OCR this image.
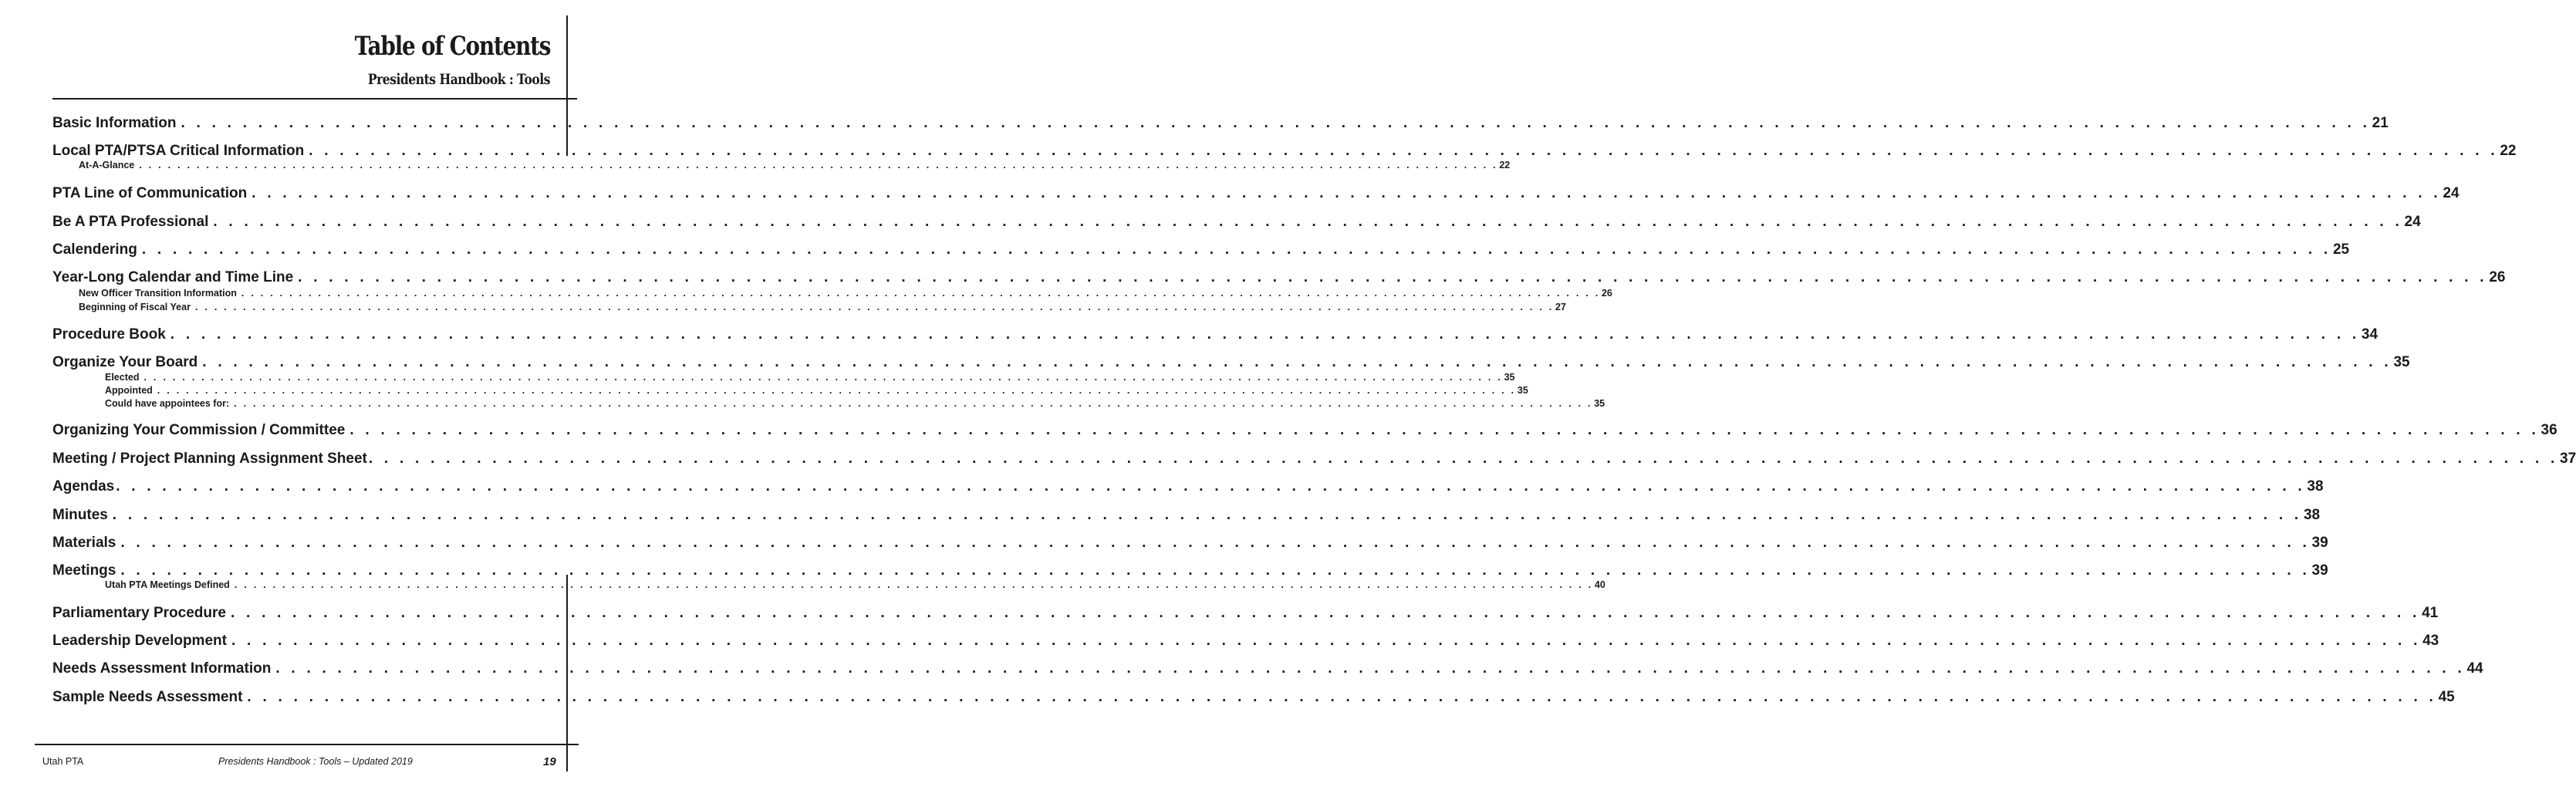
Table of Contents
Presidents Handbook : Tools
Basic Information . . . . . . . . . . . . . . . . . . . . . . . . . . . . . . . . . . . . . . . . . . . . . . . . . . . . . . . . . . . . . . . . . . . . . . . . . . . . . . . . . . . . . . . . . . . . . . . . . . . . . . . . . . . . . . . . . . . . . . . . . . . . . . . . . . . . . . . . . . . . . . 21
Local PTA/PTSA Critical Information . . . . . . . . . . . . . . . . . . . . . . . . . . . . . . . . . . . . . . . . . . . . . . . . . . . . . . . . . . . . . . . . . . . . . . . . . . . . . . . . . . . . . . . . . . . . . . . . . . . . . . . . . . . . . . . . . . . . . . . . . . . . . . . . . . . . . . . . . . . . . . 22
At-A-Glance . . . . . . . . . . . . . . . . . . . . . . . . . . . . . . . . . . . . . . . . . . . . . . . . . . . . . . . . . . . . . . . . . . . . . . . . . . . . . . . . . . . . . . . . . . . . . . . . . . . . . . . . . . . . . . . . . . . . . . . . . . . . . . . . . . . . . . . . . . . . . . 22
PTA Line of Communication . . . . . . . . . . . . . . . . . . . . . . . . . . . . . . . . . . . . . . . . . . . . . . . . . . . . . . . . . . . . . . . . . . . . . . . . . . . . . . . . . . . . . . . . . . . . . . . . . . . . . . . . . . . . . . . . . . . . . . . . . . . . . . . . . . . . . . . . . . . . . . 24
Be A PTA Professional . . . . . . . . . . . . . . . . . . . . . . . . . . . . . . . . . . . . . . . . . . . . . . . . . . . . . . . . . . . . . . . . . . . . . . . . . . . . . . . . . . . . . . . . . . . . . . . . . . . . . . . . . . . . . . . . . . . . . . . . . . . . . . . . . . . . . . . . . . . . . . 24
Calendering . . . . . . . . . . . . . . . . . . . . . . . . . . . . . . . . . . . . . . . . . . . . . . . . . . . . . . . . . . . . . . . . . . . . . . . . . . . . . . . . . . . . . . . . . . . . . . . . . . . . . . . . . . . . . . . . . . . . . . . . . . . . . . . . . . . . . . . . . . . . . . 25
Year-Long Calendar and Time Line . . . . . . . . . . . . . . . . . . . . . . . . . . . . . . . . . . . . . . . . . . . . . . . . . . . . . . . . . . . . . . . . . . . . . . . . . . . . . . . . . . . . . . . . . . . . . . . . . . . . . . . . . . . . . . . . . . . . . . . . . . . . . . . . . . . . . . . . . . . . . . 26
New Officer Transition Information . . . . . . . . . . . . . . . . . . . . . . . . . . . . . . . . . . . . . . . . . . . . . . . . . . . . . . . . . . . . . . . . . . . . . . . . . . . . . . . . . . . . . . . . . . . . . . . . . . . . . . . . . . . . . . . . . . . . . . . . . . . . . . . . . . . . . . . . . . . . . . 26
Beginning of Fiscal Year . . . . . . . . . . . . . . . . . . . . . . . . . . . . . . . . . . . . . . . . . . . . . . . . . . . . . . . . . . . . . . . . . . . . . . . . . . . . . . . . . . . . . . . . . . . . . . . . . . . . . . . . . . . . . . . . . . . . . . . . . . . . . . . . . . . . . . . . . . . . . . 27
Procedure Book . . . . . . . . . . . . . . . . . . . . . . . . . . . . . . . . . . . . . . . . . . . . . . . . . . . . . . . . . . . . . . . . . . . . . . . . . . . . . . . . . . . . . . . . . . . . . . . . . . . . . . . . . . . . . . . . . . . . . . . . . . . . . . . . . . . . . . . . . . . . . . 34
Organize Your Board . . . . . . . . . . . . . . . . . . . . . . . . . . . . . . . . . . . . . . . . . . . . . . . . . . . . . . . . . . . . . . . . . . . . . . . . . . . . . . . . . . . . . . . . . . . . . . . . . . . . . . . . . . . . . . . . . . . . . . . . . . . . . . . . . . . . . . . . . . . . . . 35
Elected . . . . . . . . . . . . . . . . . . . . . . . . . . . . . . . . . . . . . . . . . . . . . . . . . . . . . . . . . . . . . . . . . . . . . . . . . . . . . . . . . . . . . . . . . . . . . . . . . . . . . . . . . . . . . . . . . . . . . . . . . . . . . . . . . . . . . . . . . . . . . . 35
Appointed . . . . . . . . . . . . . . . . . . . . . . . . . . . . . . . . . . . . . . . . . . . . . . . . . . . . . . . . . . . . . . . . . . . . . . . . . . . . . . . . . . . . . . . . . . . . . . . . . . . . . . . . . . . . . . . . . . . . . . . . . . . . . . . . . . . . . . . . . . . . . . 35
Could have appointees for: . . . . . . . . . . . . . . . . . . . . . . . . . . . . . . . . . . . . . . . . . . . . . . . . . . . . . . . . . . . . . . . . . . . . . . . . . . . . . . . . . . . . . . . . . . . . . . . . . . . . . . . . . . . . . . . . . . . . . . . . . . . . . . . . . . . . . . . . . . . . . . 35
Organizing Your Commission / Committee . . . . . . . . . . . . . . . . . . . . . . . . . . . . . . . . . . . . . . . . . . . . . . . . . . . . . . . . . . . . . . . . . . . . . . . . . . . . . . . . . . . . . . . . . . . . . . . . . . . . . . . . . . . . . . . . . . . . . . . . . . . . . . . . . . . . . . . . . . . . . . 36
Meeting / Project Planning Assignment Sheet . . . . . . . . . . . . . . . . . . . . . . . . . . . . . . . . . . . . . . . . . . . . . . . . . . . . . . . . . . . . . . . . . . . . . . . . . . . . . . . . . . . . . . . . . . . . . . . . . . . . . . . . . . . . . . . . . . . . . . . . . . . . . . . . . . . . . . . . . . . . . . 37
Agendas . . . . . . . . . . . . . . . . . . . . . . . . . . . . . . . . . . . . . . . . . . . . . . . . . . . . . . . . . . . . . . . . . . . . . . . . . . . . . . . . . . . . . . . . . . . . . . . . . . . . . . . . . . . . . . . . . . . . . . . . . . . . . . . . . . . . . . . . . . . . . . 38
Minutes . . . . . . . . . . . . . . . . . . . . . . . . . . . . . . . . . . . . . . . . . . . . . . . . . . . . . . . . . . . . . . . . . . . . . . . . . . . . . . . . . . . . . . . . . . . . . . . . . . . . . . . . . . . . . . . . . . . . . . . . . . . . . . . . . . . . . . . . . . . . . . 38
Materials . . . . . . . . . . . . . . . . . . . . . . . . . . . . . . . . . . . . . . . . . . . . . . . . . . . . . . . . . . . . . . . . . . . . . . . . . . . . . . . . . . . . . . . . . . . . . . . . . . . . . . . . . . . . . . . . . . . . . . . . . . . . . . . . . . . . . . . . . . . . . . 39
Meetings . . . . . . . . . . . . . . . . . . . . . . . . . . . . . . . . . . . . . . . . . . . . . . . . . . . . . . . . . . . . . . . . . . . . . . . . . . . . . . . . . . . . . . . . . . . . . . . . . . . . . . . . . . . . . . . . . . . . . . . . . . . . . . . . . . . . . . . . . . . . . . 39
Utah PTA Meetings Defined . . . . . . . . . . . . . . . . . . . . . . . . . . . . . . . . . . . . . . . . . . . . . . . . . . . . . . . . . . . . . . . . . . . . . . . . . . . . . . . . . . . . . . . . . . . . . . . . . . . . . . . . . . . . . . . . . . . . . . . . . . . . . . . . . . . . . . . . . . . . . . 40
Parliamentary Procedure . . . . . . . . . . . . . . . . . . . . . . . . . . . . . . . . . . . . . . . . . . . . . . . . . . . . . . . . . . . . . . . . . . . . . . . . . . . . . . . . . . . . . . . . . . . . . . . . . . . . . . . . . . . . . . . . . . . . . . . . . . . . . . . . . . . . . . . . . . . . . . 41
Leadership Development . . . . . . . . . . . . . . . . . . . . . . . . . . . . . . . . . . . . . . . . . . . . . . . . . . . . . . . . . . . . . . . . . . . . . . . . . . . . . . . . . . . . . . . . . . . . . . . . . . . . . . . . . . . . . . . . . . . . . . . . . . . . . . . . . . . . . . . . . . . . . . 43
Needs Assessment Information . . . . . . . . . . . . . . . . . . . . . . . . . . . . . . . . . . . . . . . . . . . . . . . . . . . . . . . . . . . . . . . . . . . . . . . . . . . . . . . . . . . . . . . . . . . . . . . . . . . . . . . . . . . . . . . . . . . . . . . . . . . . . . . . . . . . . . . . . . . . . . 44
Sample Needs Assessment . . . . . . . . . . . . . . . . . . . . . . . . . . . . . . . . . . . . . . . . . . . . . . . . . . . . . . . . . . . . . . . . . . . . . . . . . . . . . . . . . . . . . . . . . . . . . . . . . . . . . . . . . . . . . . . . . . . . . . . . . . . . . . . . . . . . . . . . . . . . . . 45
Utah PTA	Presidents Handbook : Tools – Updated 2019	19
